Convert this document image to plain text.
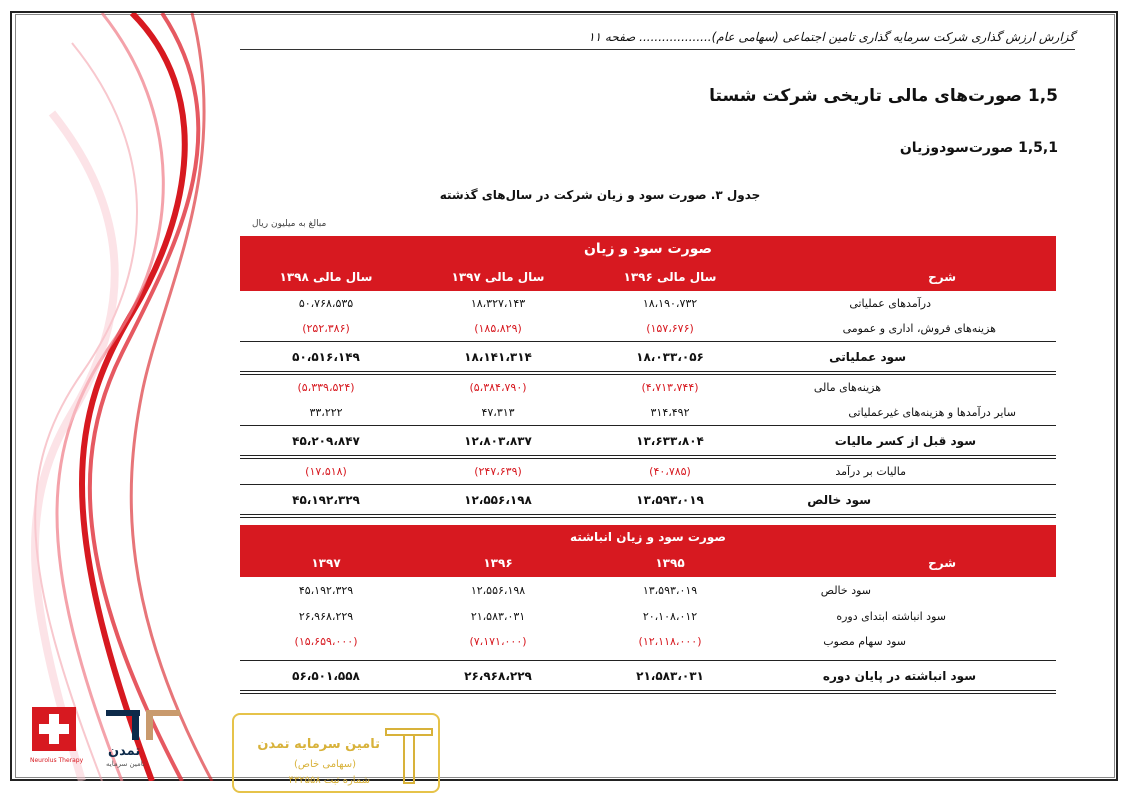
گزارش ارزش گذاری شرکت سرمایه گذاری تامین اجتماعی (سهامی عام)................... صفحه ۱۱
1,5 صورت‌های مالی تاریخی شرکت شستا
1,5,1 صورت‌سودوزیان
جدول ۳. صورت سود و زیان شرکت در سال‌های گذشته
مبالغ به میلیون ریال
صورت سود و زیان
شرح
سال مالی ۱۳۹۶
سال مالی ۱۳۹۷
سال مالی ۱۳۹۸
درآمدهای عملیاتی
۱۸،۱۹۰،۷۳۲
۱۸،۳۲۷،۱۴۳
۵۰،۷۶۸،۵۳۵
هزینه‌های فروش، اداری و عمومی
(۱۵۷،۶۷۶)
(۱۸۵،۸۲۹)
(۲۵۲،۳۸۶)
سود عملیاتی
۱۸،۰۳۳،۰۵۶
۱۸،۱۴۱،۳۱۴
۵۰،۵۱۶،۱۴۹
هزینه‌های مالی
(۴،۷۱۳،۷۴۴)
(۵،۳۸۴،۷۹۰)
(۵،۳۳۹،۵۲۴)
سایر درآمدها و هزینه‌های غیرعملیاتی
۳۱۴،۴۹۲
۴۷،۳۱۳
۳۳،۲۲۲
سود قبل از کسر مالیات
۱۳،۶۳۳،۸۰۴
۱۲،۸۰۳،۸۳۷
۴۵،۲۰۹،۸۴۷
مالیات بر درآمد
(۴۰،۷۸۵)
(۲۴۷،۶۳۹)
(۱۷،۵۱۸)
سود خالص
۱۳،۵۹۳،۰۱۹
۱۲،۵۵۶،۱۹۸
۴۵،۱۹۲،۳۲۹
صورت سود و زیان انباشته
شرح
۱۳۹۵
۱۳۹۶
۱۳۹۷
سود خالص
۱۳،۵۹۳،۰۱۹
۱۲،۵۵۶،۱۹۸
۴۵،۱۹۲،۳۲۹
سود انباشته ابتدای دوره
۲۰،۱۰۸،۰۱۲
۲۱،۵۸۳،۰۳۱
۲۶،۹۶۸،۲۲۹
سود سهام مصوب
(۱۲،۱۱۸،۰۰۰)
(۷،۱۷۱،۰۰۰)
(۱۵،۶۵۹،۰۰۰)
سود انباشته در پایان دوره
۲۱،۵۸۳،۰۳۱
۲۶،۹۶۸،۲۲۹
۵۶،۵۰۱،۵۵۸
Neurolus Therapy
تمدن
تامین سرمایه
تامین سرمایه تمدن
(سهامی خاص)
شماره ثبت ۴۳۲۵۵۸
